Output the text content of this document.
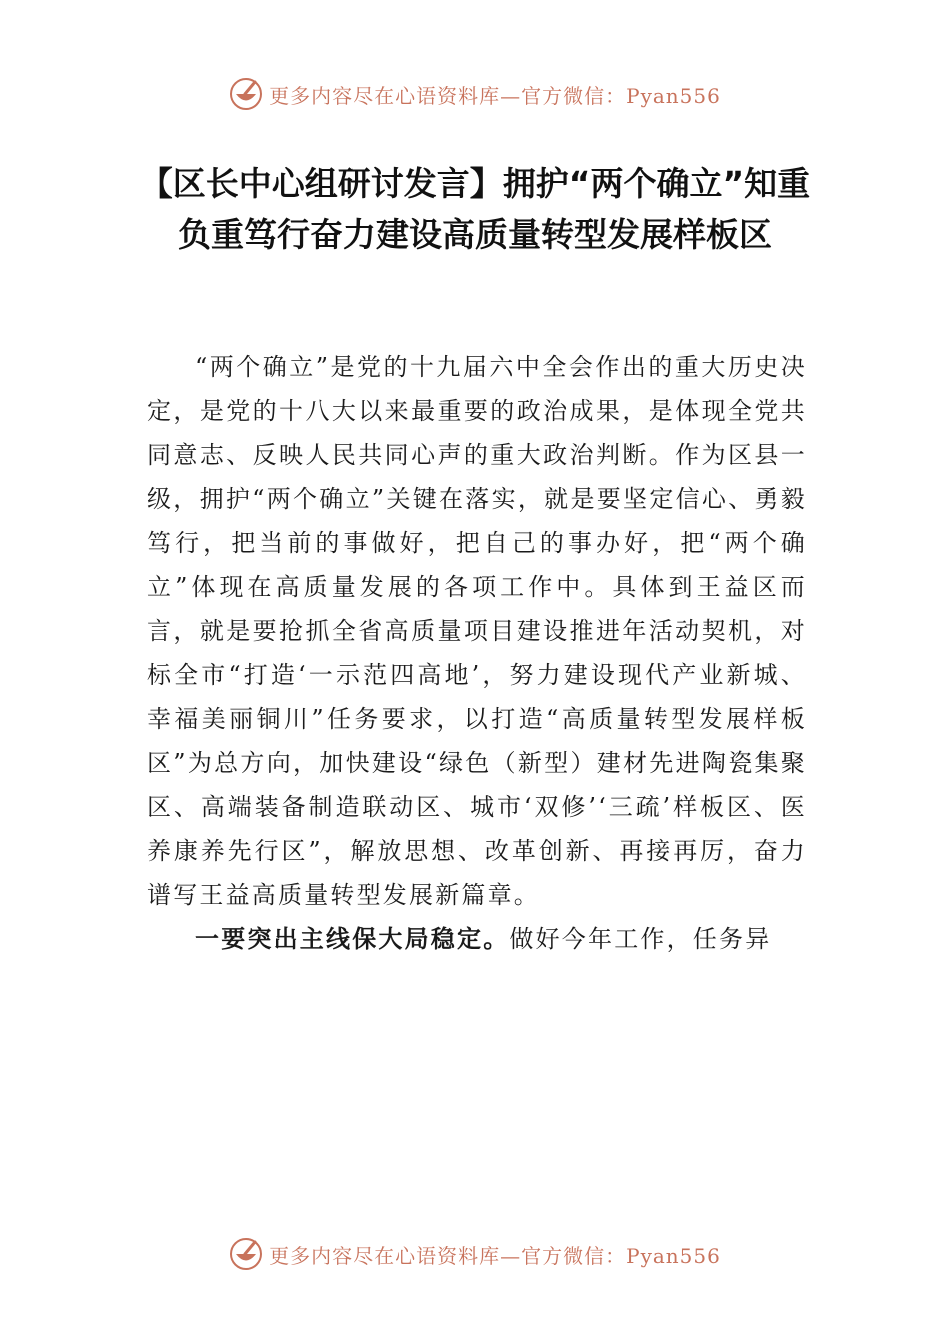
更多内容尽在心语资料库—官方微信：Pyan556
【区长中心组研讨发言】拥护“两个确立”知重负重笃行奋力建设高质量转型发展样板区

“两个确立”是党的十九届六中全会作出的重大历史决定，是党的十八大以来最重要的政治成果，是体现全党共同意志、反映人民共同心声的重大政治判断。作为区县一级，拥护“两个确立”关键在落实，就是要坚定信心、勇毅笃行，把当前的事做好，把自己的事办好，把“两个确立”体现在高质量发展的各项工作中。具体到王益区而言，就是要抢抓全省高质量项目建设推进年活动契机，对标全市“打造‘一示范四高地’，努力建设现代产业新城、幸福美丽铜川”任务要求，以打造“高质量转型发展样板区”为总方向，加快建设“绿色（新型）建材先进陶瓷集聚区、高端装备制造联动区、城市‘双修’‘三疏’样板区、医养康养先行区”，解放思想、改革创新、再接再厉，奋力谱写王益高质量转型发展新篇章。

一要突出主线保大局稳定。做好今年工作，任务异

更多内容尽在心语资料库—官方微信：Pyan556
